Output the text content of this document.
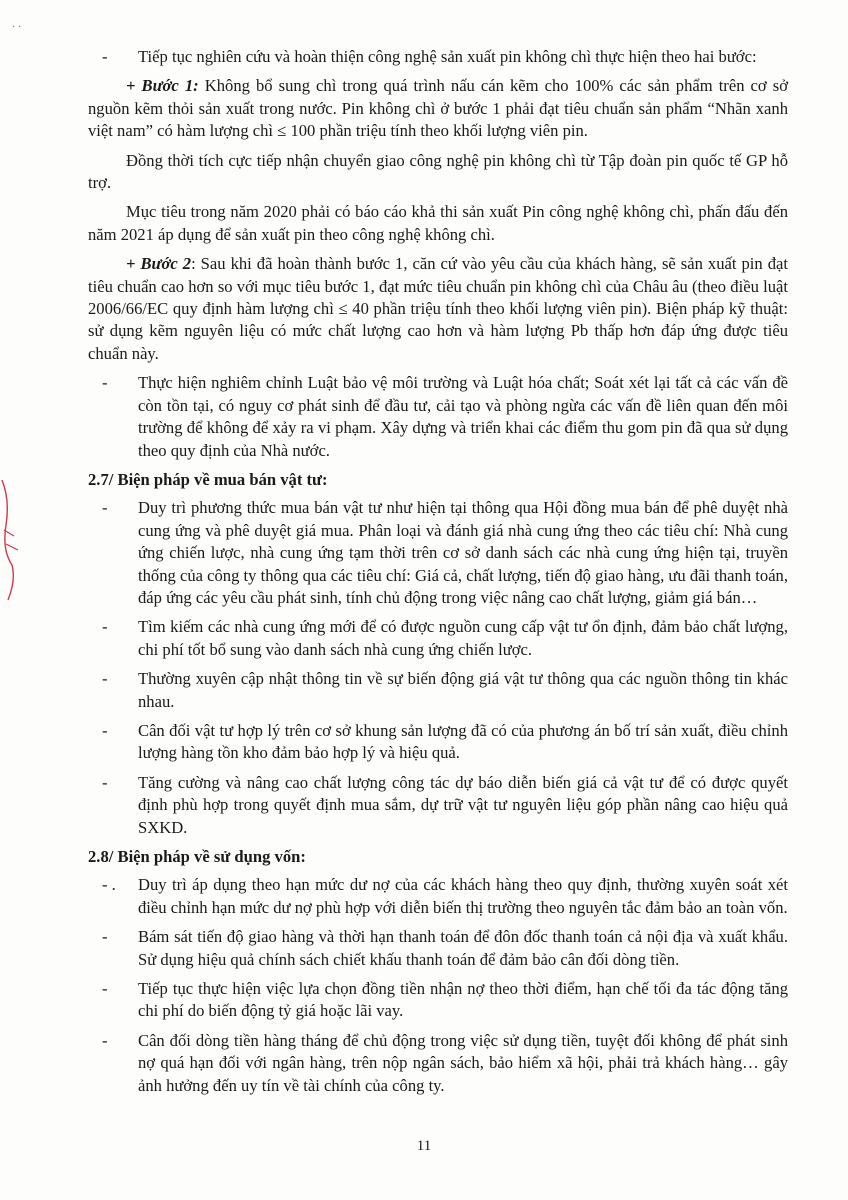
· ·
- Tiếp tục nghiên cứu và hoàn thiện công nghệ sản xuất pin không chì thực hiện theo hai bước:
+ Bước 1: Không bổ sung chì trong quá trình nấu cán kẽm cho 100% các sản phẩm trên cơ sở nguồn kẽm thỏi sản xuất trong nước. Pin không chì ở bước 1 phải đạt tiêu chuẩn sản phẩm “Nhãn xanh việt nam” có hàm lượng chì ≤ 100 phần triệu tính theo khối lượng viên pin.
Đồng thời tích cực tiếp nhận chuyển giao công nghệ pin không chì từ Tập đoàn pin quốc tế GP hỗ trợ.
Mục tiêu trong năm 2020 phải có báo cáo khả thi sản xuất Pin công nghệ không chì, phấn đấu đến năm 2021 áp dụng để sản xuất pin theo công nghệ không chì.
+ Bước 2: Sau khi đã hoàn thành bước 1, căn cứ vào yêu cầu của khách hàng, sẽ sản xuất pin đạt tiêu chuẩn cao hơn so với mục tiêu bước 1, đạt mức tiêu chuẩn pin không chì của Châu âu (theo điều luật 2006/66/EC quy định hàm lượng chì ≤ 40 phần triệu tính theo khối lượng viên pin). Biện pháp kỹ thuật: sử dụng kẽm nguyên liệu có mức chất lượng cao hơn và hàm lượng Pb thấp hơn đáp ứng được tiêu chuẩn này.
- Thực hiện nghiêm chỉnh Luật bảo vệ môi trường và Luật hóa chất; Soát xét lại tất cả các vấn đề còn tồn tại, có nguy cơ phát sinh để đầu tư, cải tạo và phòng ngừa các vấn đề liên quan đến môi trường để không để xảy ra vi phạm. Xây dựng và triển khai các điểm thu gom pin đã qua sử dụng theo quy định của Nhà nước.
2.7/ Biện pháp về mua bán vật tư:
- Duy trì phương thức mua bán vật tư như hiện tại thông qua Hội đồng mua bán để phê duyệt nhà cung ứng và phê duyệt giá mua. Phân loại và đánh giá nhà cung ứng theo các tiêu chí: Nhà cung ứng chiến lược, nhà cung ứng tạm thời trên cơ sở danh sách các nhà cung ứng hiện tại, truyền thống của công ty thông qua các tiêu chí: Giá cả, chất lượng, tiến độ giao hàng, ưu đãi thanh toán, đáp ứng các yêu cầu phát sinh, tính chủ động trong việc nâng cao chất lượng, giảm giá bán…
- Tìm kiếm các nhà cung ứng mới để có được nguồn cung cấp vật tư ổn định, đảm bảo chất lượng, chi phí tốt bổ sung vào danh sách nhà cung ứng chiến lược.
- Thường xuyên cập nhật thông tin về sự biến động giá vật tư thông qua các nguồn thông tin khác nhau.
- Cân đối vật tư hợp lý trên cơ sở khung sản lượng đã có của phương án bố trí sản xuất, điều chỉnh lượng hàng tồn kho đảm bảo hợp lý và hiệu quả.
- Tăng cường và nâng cao chất lượng công tác dự báo diễn biến giá cả vật tư để có được quyết định phù hợp trong quyết định mua sắm, dự trữ vật tư nguyên liệu góp phần nâng cao hiệu quả SXKD.
2.8/ Biện pháp về sử dụng vốn:
- . Duy trì áp dụng theo hạn mức dư nợ của các khách hàng theo quy định, thường xuyên soát xét điều chỉnh hạn mức dư nợ phù hợp với diễn biến thị trường theo nguyên tắc đảm bảo an toàn vốn.
- Bám sát tiến độ giao hàng và thời hạn thanh toán để đôn đốc thanh toán cả nội địa và xuất khẩu. Sử dụng hiệu quả chính sách chiết khấu thanh toán để đảm bảo cân đối dòng tiền.
- Tiếp tục thực hiện việc lựa chọn đồng tiền nhận nợ theo thời điểm, hạn chế tối đa tác động tăng chi phí do biến động tỷ giá hoặc lãi vay.
- Cân đối dòng tiền hàng tháng để chủ động trong việc sử dụng tiền, tuyệt đối không để phát sinh nợ quá hạn đối với ngân hàng, trên nộp ngân sách, bảo hiểm xã hội, phải trả khách hàng… gây ảnh hưởng đến uy tín về tài chính của công ty.
11
